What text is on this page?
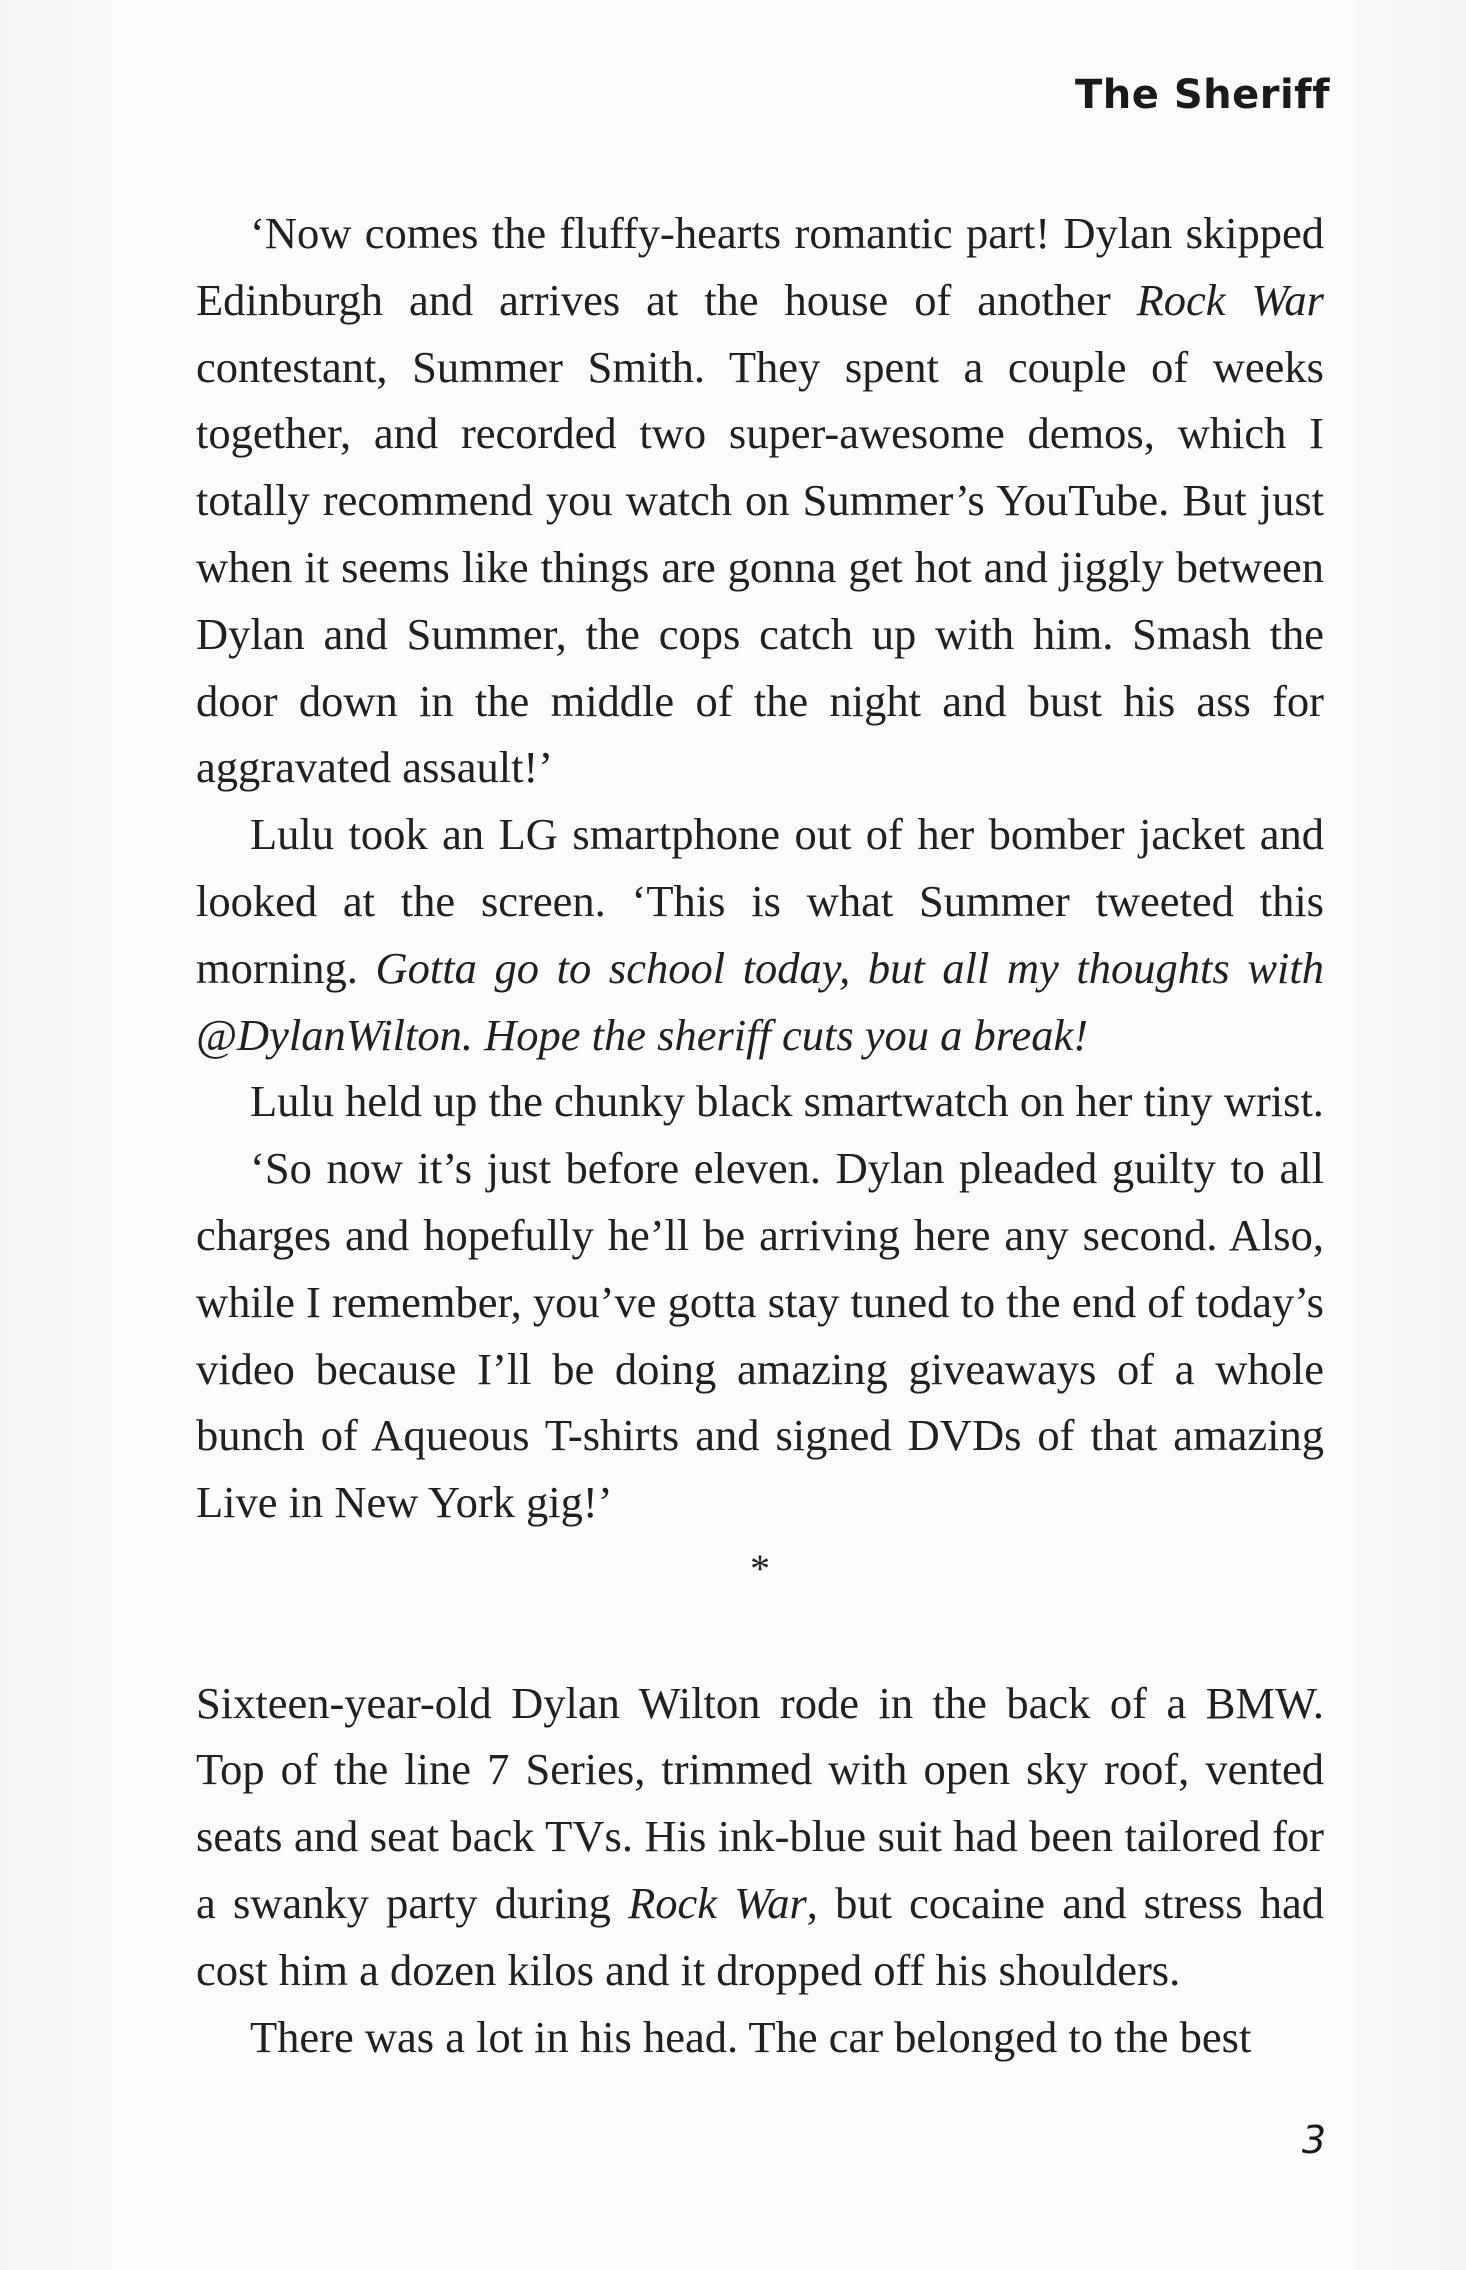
The Sheriff

‘Now comes the fluffy-hearts romantic part! Dylan skipped Edinburgh and arrives at the house of another Rock War contestant, Summer Smith. They spent a couple of weeks together, and recorded two super-awesome demos, which I totally recommend you watch on Summer’s YouTube. But just when it seems like things are gonna get hot and jiggly between Dylan and Summer, the cops catch up with him. Smash the door down in the middle of the night and bust his ass for aggravated assault!’

Lulu took an LG smartphone out of her bomber jacket and looked at the screen. ‘This is what Summer tweeted this morning. Gotta go to school today, but all my thoughts with @DylanWilton. Hope the sheriff cuts you a break!

Lulu held up the chunky black smartwatch on her tiny wrist.

‘So now it’s just before eleven. Dylan pleaded guilty to all charges and hopefully he’ll be arriving here any second. Also, while I remember, you’ve gotta stay tuned to the end of today’s video because I’ll be doing amazing giveaways of a whole bunch of Aqueous T-shirts and signed DVDs of that amazing Live in New York gig!’

*

Sixteen-year-old Dylan Wilton rode in the back of a BMW. Top of the line 7 Series, trimmed with open sky roof, vented seats and seat back TVs. His ink-blue suit had been tailored for a swanky party during Rock War, but cocaine and stress had cost him a dozen kilos and it dropped off his shoulders.

There was a lot in his head. The car belonged to the best

3
